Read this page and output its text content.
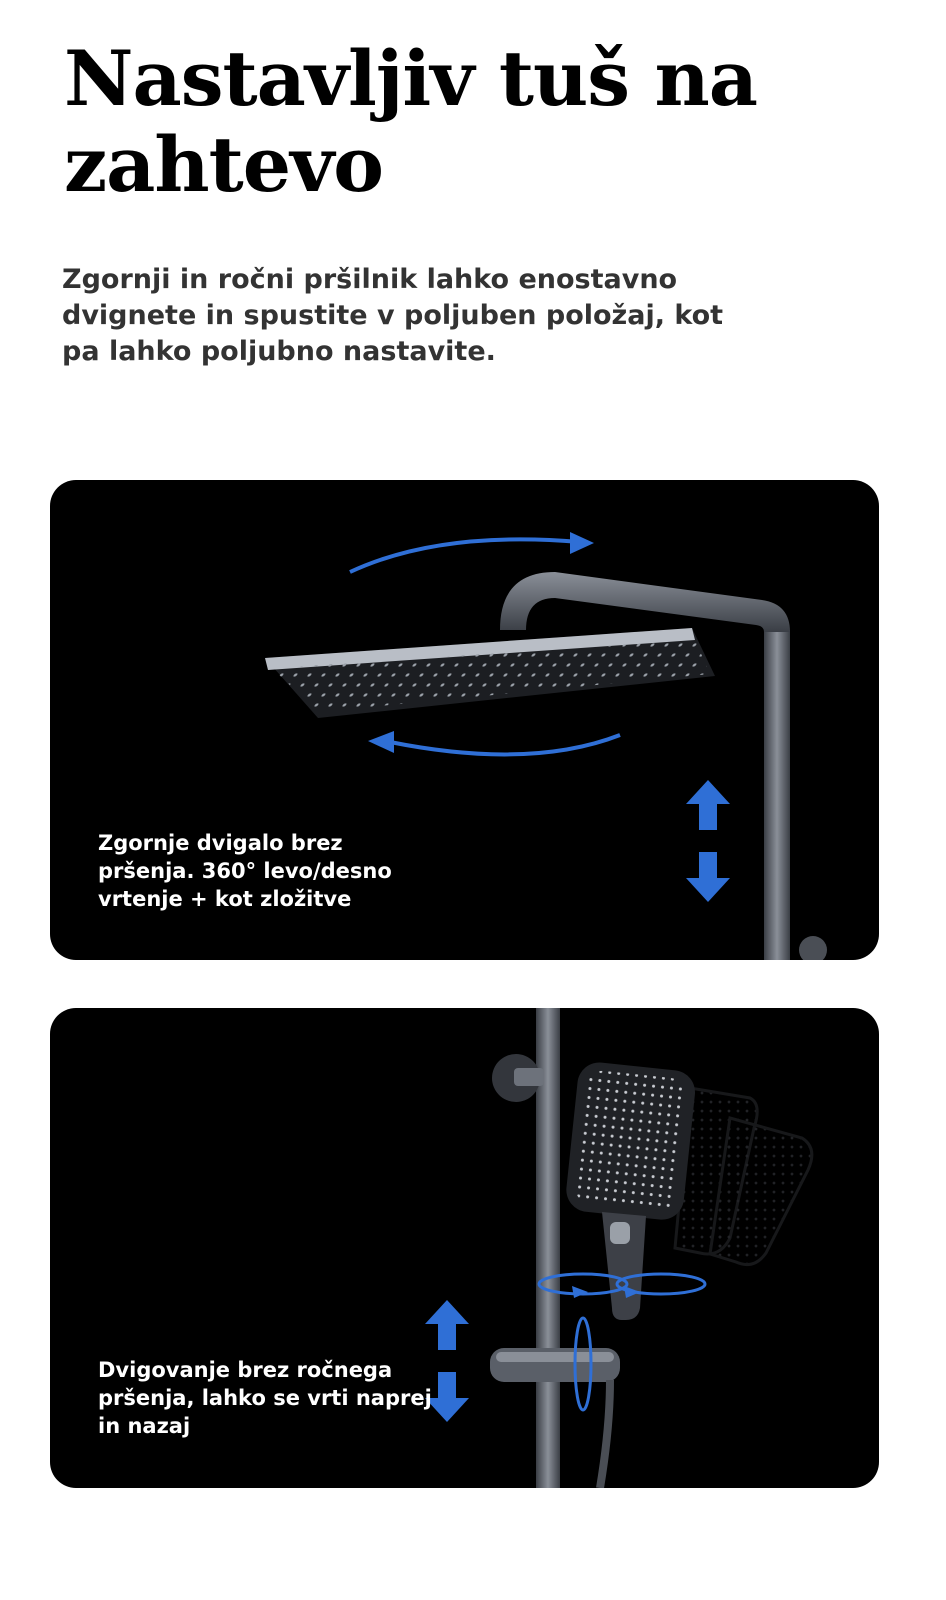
Nastavljiv tuš na zahtevo

Zgornji in ročni pršilnik lahko enostavno dvignete in spustite v poljuben položaj, kot pa lahko poljubno nastavite.

Zgornje dvigalo brez pršenja. 360° levo/desno vrtenje + kot zložitve

Dvigovanje brez ročnega pršenja, lahko se vrti naprej in nazaj
